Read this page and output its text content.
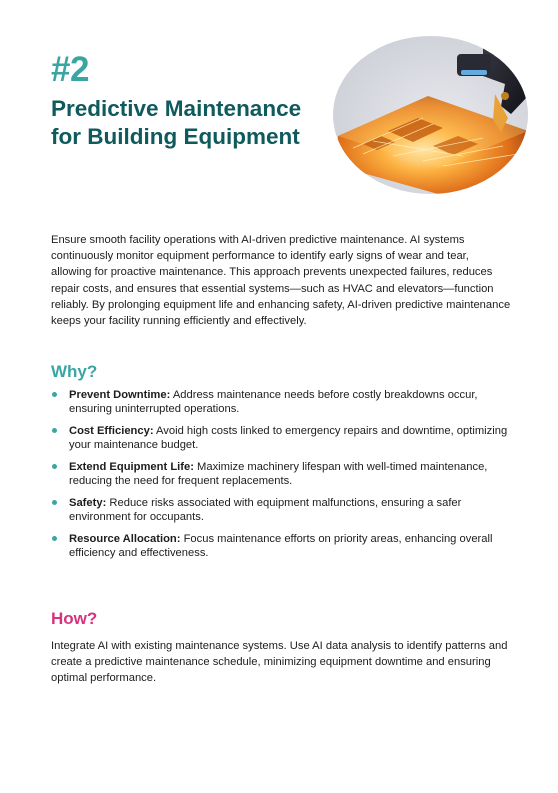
#2
Predictive Maintenance
for Building Equipment

Ensure smooth facility operations with AI-driven predictive maintenance. AI systems continuously monitor equipment performance to identify early signs of wear and tear, allowing for proactive maintenance. This approach prevents unexpected failures, reduces repair costs, and ensures that essential systems—such as HVAC and elevators—function reliably. By prolonging equipment life and enhancing safety, AI-driven predictive maintenance keeps your facility running efficiently and effectively.

Why?
Prevent Downtime: Address maintenance needs before costly breakdowns occur, ensuring uninterrupted operations.
Cost Efficiency: Avoid high costs linked to emergency repairs and downtime, optimizing your maintenance budget.
Extend Equipment Life: Maximize machinery lifespan with well-timed maintenance, reducing the need for frequent replacements.
Safety: Reduce risks associated with equipment malfunctions, ensuring a safer environment for occupants.
Resource Allocation: Focus maintenance efforts on priority areas, enhancing overall efficiency and effectiveness.
How?

Integrate AI with existing maintenance systems. Use AI data analysis to identify patterns and create a predictive maintenance schedule, minimizing equipment downtime and ensuring optimal performance.
